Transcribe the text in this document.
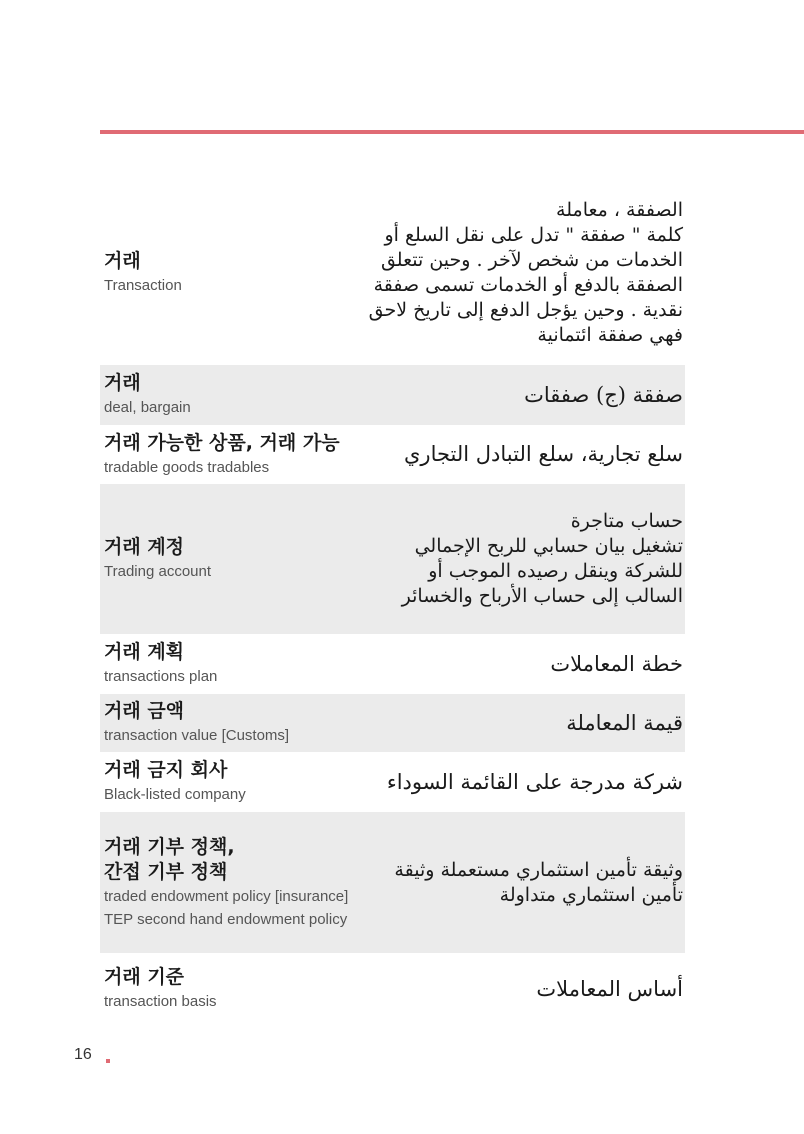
거래
Transaction
الصفقة ، معاملة
كلمة " صفقة " تدل على نقل السلع أو
الخدمات من شخص لآخر . وحين تتعلق
الصفقة بالدفع أو الخدمات تسمى صفقة
نقدية . وحين يؤجل الدفع إلى تاريخ لاحق
فهي صفقة ائتمانية
거래
deal, bargain
صفقة (ج) صفقات
거래 가능한 상품, 거래 가능
tradable goods tradables
سلع تجارية، سلع التبادل التجاري
거래 계정
Trading account
حساب متاجرة
تشغيل بيان حسابي للربح الإجمالي
للشركة وينقل رصيده الموجب أو
السالب إلى حساب الأرباح والخسائر
거래 계획
transactions plan
خطة المعاملات
거래 금액
transaction value [Customs]
قيمة المعاملة
거래 금지 회사
Black-listed company
شركة مدرجة على القائمة السوداء
거래 기부 정책,
간접 기부 정책
traded endowment policy [insurance]
TEP second hand endowment policy
وثيقة تأمين استثماري مستعملة وثيقة
تأمين استثماري متداولة
거래 기준
transaction basis
أساس المعاملات
16
